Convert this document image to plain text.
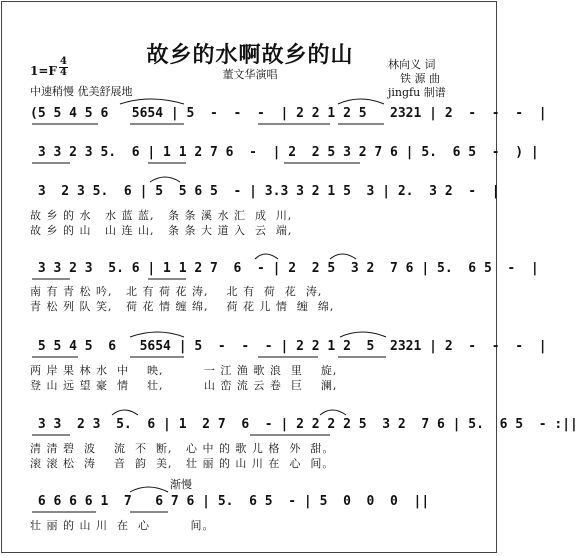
故乡的水啊故乡的山
董文华演唱
林向义 词
铁 源 曲
jingfu 制谱
$1=F \frac{4}{4}$
中速稍慢 优美舒展地
(5 5 4 5 6   5654 | 5  -  -  -  | 2 2 1 2 5   2321 | 2  -  -  -  |
3 3 2 3 5.  6 | 1 1 2 7 6  -  | 2  2 5 3 2 7 6 | 5.  6 5  -  ) |
3  2 3 5.  6 | 5  5 6 5  - | 3.3 3 2 1 5  3 | 2.  3 2  -  |
故 乡 的 水   水 蓝 蓝,   条 条 溪 水 汇  成  川,
故 乡 的 山   山 连 山,   条 条 大 道 入  云  端,
3 3 2 3  5. 6 | 1 1 2 7  6  - | 2  2 5  3 2  7 6 | 5.  6 5  -  |
南 有 青 松 吟,   北 有 荷 花 涛,    北 有  荷  花  涛,
青 松 列 队 笑,   荷 花 情 缠 绵,    荷 花 儿 情  缠  绵,
5 5 4 5  6   5654 | 5  -  -  - | 2 2 1 2  5  2321 | 2  -  -  -  |
两 岸 果 林 水  中    映,         一 江 渔 歌 浪  里    旋,
登 山 远 望 豪  情    壮,         山 峦 流 云 卷  巨    澜,
3 3  2 3  5.  6 | 1  2 7  6  - | 2 2 2 2 5  3 2  7 6 | 5.  6 5  - :||
清 清 碧  波    流  不  断,   心 中 的 歌 儿 格  外  甜。
滚 滚 松  涛    音  韵  美,   壮 丽 的 山 川 在  心  间。
渐慢
6 6 6 6 1  7   6 7 6 | 5.  6 5  - | 5  0  0  0  ||
壮 丽 的 山 川  在  心         间。
